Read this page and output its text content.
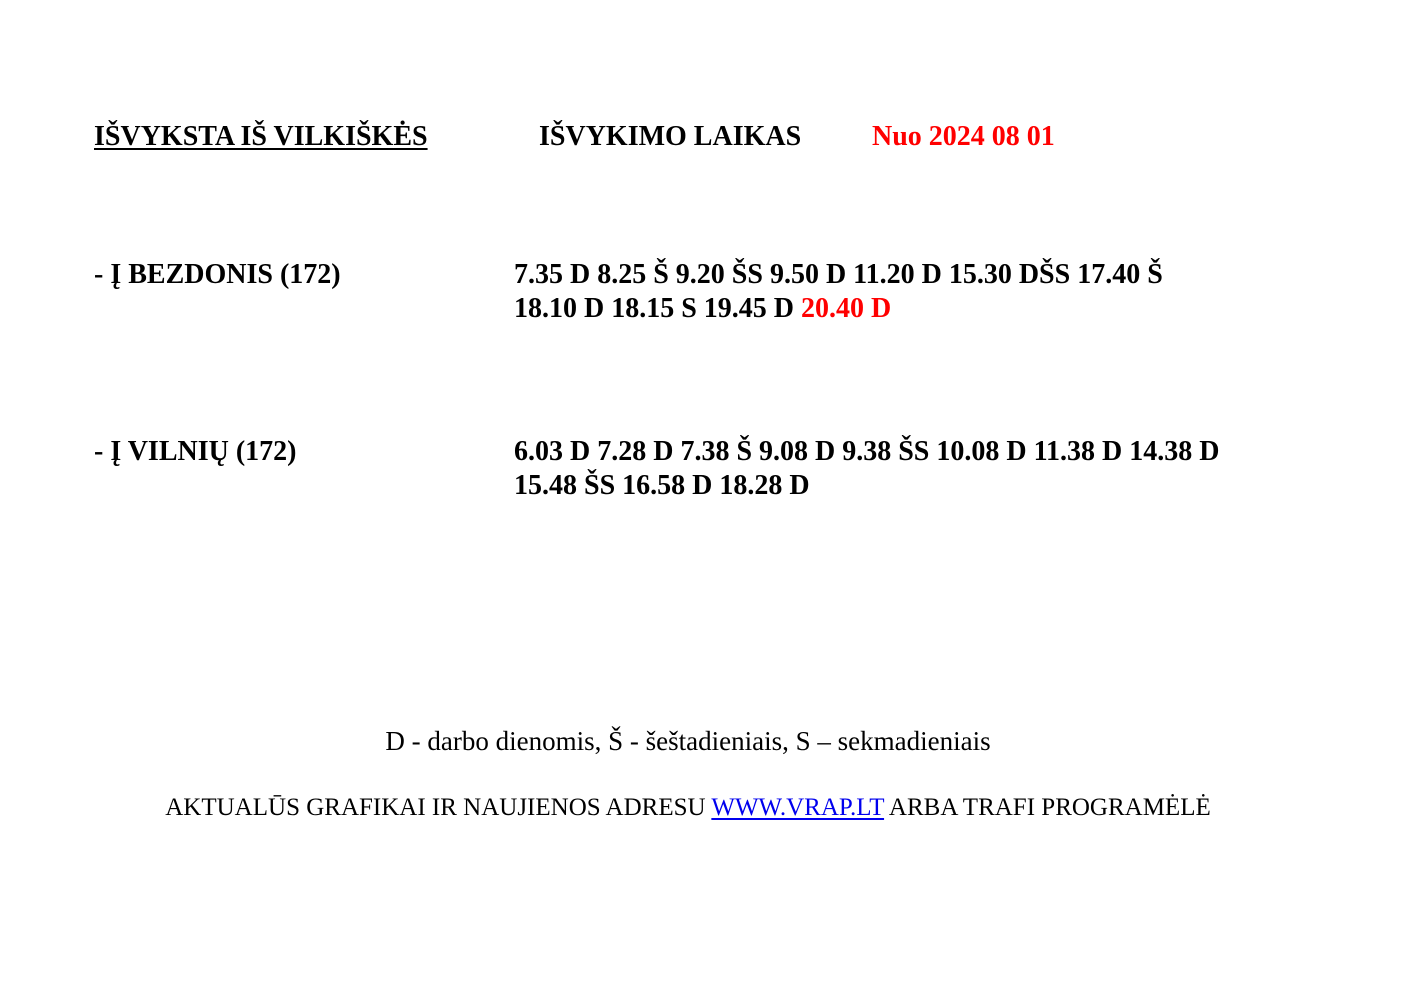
IŠVYKSTA IŠ VILKIŠKĖS	IŠVYKIMO LAIKAS	Nuo 2024 08 01
- Į BEZDONIS (172)	7.35 D 8.25 Š 9.20 ŠS 9.50 D 11.20 D 15.30 DŠS 17.40 Š
18.10 D 18.15 S 19.45 D 20.40 D
- Į VILNIŲ (172)	6.03 D 7.28 D 7.38 Š 9.08 D 9.38 ŠS 10.08 D 11.38 D 14.38 D
15.48 ŠS 16.58 D 18.28 D
D - darbo dienomis, Š - šeštadieniais, S – sekmadieniais
AKTUALŪS GRAFIKAI IR NAUJIENOS ADRESU WWW.VRAP.LT ARBA TRAFI PROGRAMĖLĖ
